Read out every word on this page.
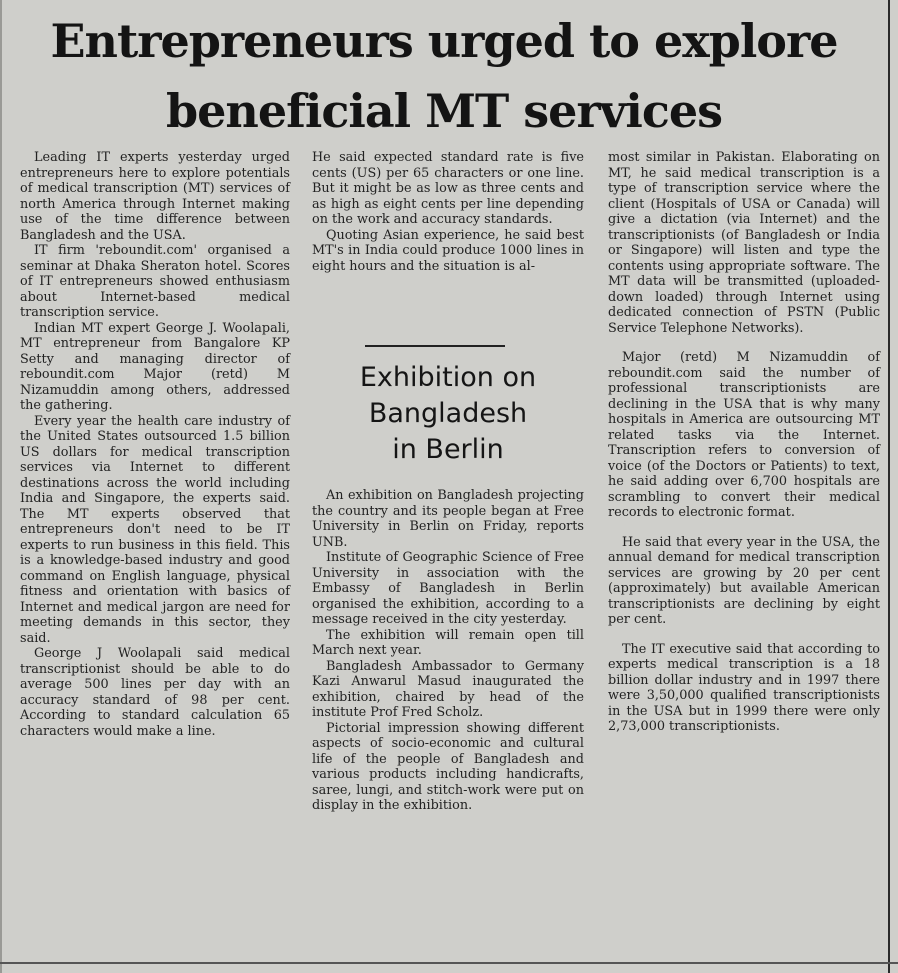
Entrepreneurs urged to explore
beneficial MT services

Leading IT experts yesterday urged entrepreneurs here to explore potentials of medical transcription (MT) services of north America through Internet making use of the time difference between Bangladesh and the USA.

IT firm 'reboundit.com' organised a seminar at Dhaka Sheraton hotel. Scores of IT entrepreneurs showed enthusiasm about Internet-based medical transcription service.

Indian MT expert George J. Woolapali, MT entrepreneur from Bangalore KP Setty and managing director of reboundit.com Major (retd) M Nizamuddin among others, addressed the gathering.

Every year the health care industry of the United States outsourced 1.5 billion US dollars for medical transcription services via Internet to different destinations across the world including India and Singapore, the experts said. The MT experts observed that entrepreneurs don't need to be IT experts to run business in this field. This is a knowledge-based industry and good command on English language, physical fitness and orientation with basics of Internet and medical jargon are need for meeting demands in this sector, they said.

George J Woolapali said medical transcriptionist should be able to do average 500 lines per day with an accuracy standard of 98 per cent. According to standard calculation 65 characters would make a line.

He said expected standard rate is five cents (US) per 65 characters or one line. But it might be as low as three cents and as high as eight cents per line depending on the work and accuracy standards.

Quoting Asian experience, he said best MT's in India could produce 1000 lines in eight hours and the situation is al-

Exhibition on
Bangladesh
in Berlin

An exhibition on Bangladesh projecting the country and its people began at Free University in Berlin on Friday, reports UNB.

Institute of Geographic Science of Free University in association with the Embassy of Bangladesh in Berlin organised the exhibition, according to a message received in the city yesterday.

The exhibition will remain open till March next year.

Bangladesh Ambassador to Germany Kazi Anwarul Masud inaugurated the exhibition, chaired by head of the institute Prof Fred Scholz.

Pictorial impression showing different aspects of socio-economic and cultural life of the people of Bangladesh and various products including handicrafts, saree, lungi, and stitch-work were put on display in the exhibition.

most similar in Pakistan. Elaborating on MT, he said medical transcription is a type of transcription service where the client (Hospitals of USA or Canada) will give a dictation (via Internet) and the transcriptionists (of Bangladesh or India or Singapore) will listen and type the contents using appropriate software. The MT data will be transmitted (uploaded-down loaded) through Internet using dedicated connection of PSTN (Public Service Telephone Networks).

Major (retd) M Nizamuddin of reboundit.com said the number of professional transcriptionists are declining in the USA that is why many hospitals in America are outsourcing MT related tasks via the Internet. Transcription refers to conversion of voice (of the Doctors or Patients) to text, he said adding over 6,700 hospitals are scrambling to convert their medical records to electronic format.

He said that every year in the USA, the annual demand for medical transcription services are growing by 20 per cent (approximately) but available American transcriptionists are declining by eight per cent.

The IT executive said that according to experts medical transcription is a 18 billion dollar industry and in 1997 there were 3,50,000 qualified transcriptionists in the USA but in 1999 there were only 2,73,000 transcriptionists.
